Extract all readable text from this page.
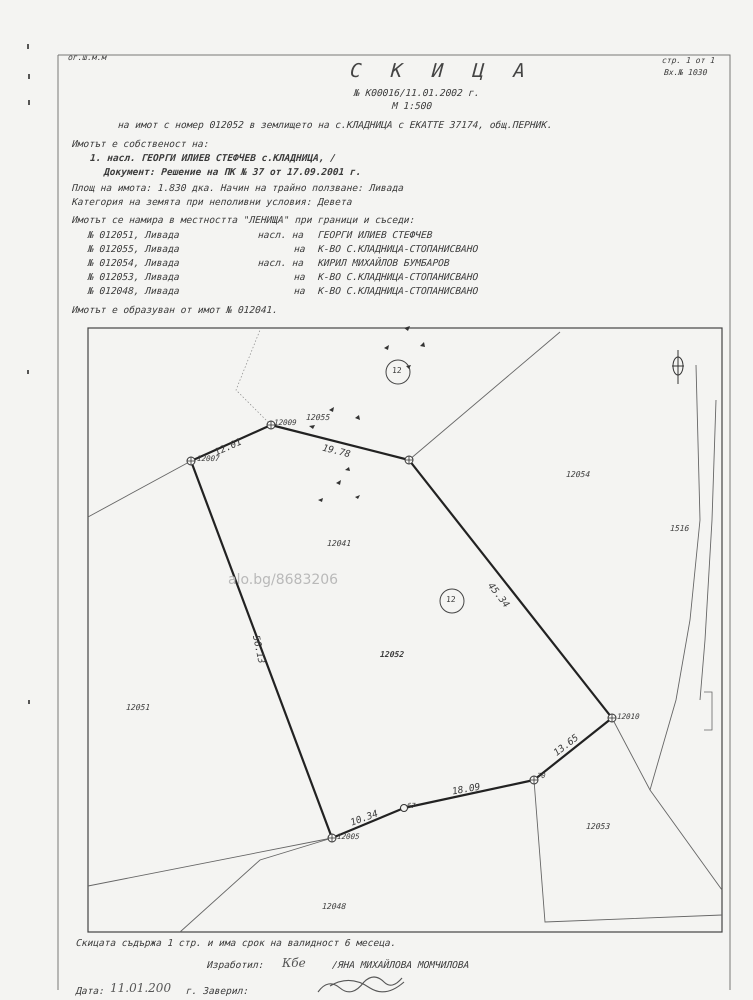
ог.ш.м.м	стр. 1 от 1
Вх.№ 1030
С К И Ц А
№ К00016/11.01.2002 г.
М 1:500
на имот с номер 012052 в землището на с.КЛАДНИЦА с ЕКАТТЕ 37174, общ.ПЕРНИК.
Имотът е собственост на:
1. насл. ГЕОРГИ ИЛИЕВ СТЕФЧЕВ с.КЛАДНИЦА, /
Документ: Решение на ПК № 37 от 17.09.2001 г.
Площ на имота: 1.830 дка. Начин на трайно ползване: Ливада
Категория на земята при неполивни условия: Девета
Имотът се намира в местността "ЛЕНИЩА" при граници и съседи:
№ 012051, Ливада	насл. на ГЕОРГИ ИЛИЕВ СТЕФЧЕВ
№ 012055, Ливада	на К-ВО С.КЛАДНИЦА-СТОПАНИСВАНО
№ 012054, Ливада	насл. на КИРИЛ МИХАЙЛОВ БУМБАРОВ
№ 012053, Ливада	на К-ВО С.КЛАДНИЦА-СТОПАНИСВАНО
№ 012048, Ливада	на К-ВО С.КЛАДНИЦА-СТОПАНИСВАНО
Имотът е образуван от имот № 012041.
12055
12054
12041
12052
12051
12053
12048
1516
12
12
12009
12007
12010
12005
67
70
12.01	19.78
45.34
56.13
13.65
18.09
10.34
alo.bg/8683206
Скицата съдържа 1 стр. и има срок на валидност 6 месеца.
Изработил: Кбе	/ЯНА МИХАЙЛОВА МОМЧИЛОВА
Дата: 11.01.200 г. Заверил:
